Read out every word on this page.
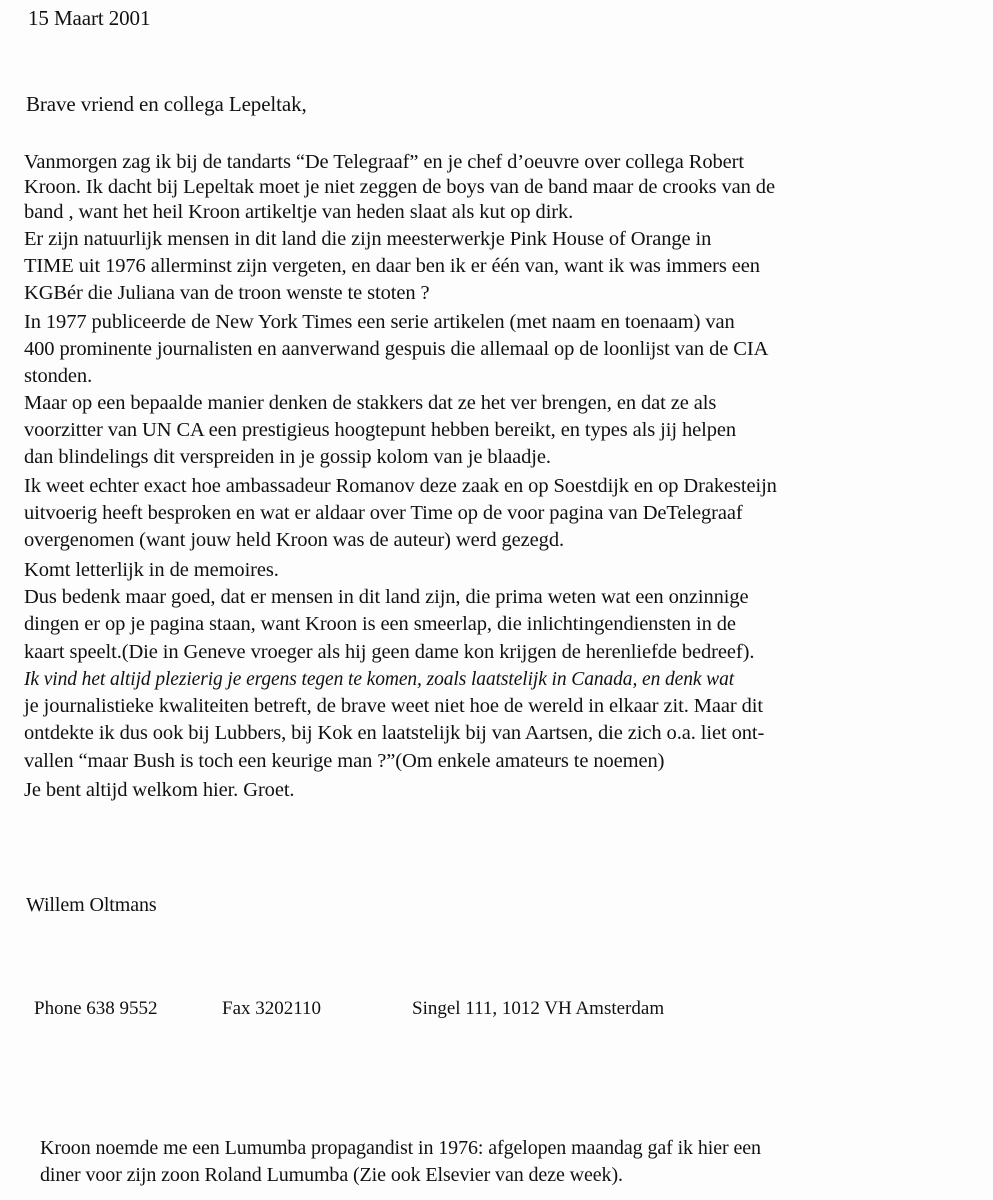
15 Maart 2001
Brave vriend en collega Lepeltak,
Vanmorgen zag ik bij de tandarts “De Telegraaf” en je chef d’oeuvre over collega Robert
Kroon. Ik dacht bij Lepeltak moet je niet zeggen de boys van de band maar de crooks van de
band , want het heil Kroon artikeltje van heden slaat als kut op dirk.
Er zijn natuurlijk mensen in dit land die zijn meesterwerkje Pink House of Orange in
TIME uit 1976 allerminst zijn vergeten, en daar ben ik er één van, want ik was immers een
KGBér die Juliana van de troon wenste te stoten ?
In 1977 publiceerde de New York Times een serie artikelen (met naam en toenaam) van
400 prominente journalisten en aanverwand gespuis die allemaal op de loonlijst van de CIA
stonden.
Maar op een bepaalde manier denken de stakkers dat ze het ver brengen, en dat ze als
voorzitter van UN CA een prestigieus hoogtepunt hebben bereikt, en types als jij helpen
dan blindelings dit verspreiden in je gossip kolom van je blaadje.
Ik weet echter exact hoe ambassadeur Romanov deze zaak en op Soestdijk en op Drakesteijn
uitvoerig heeft besproken en wat er aldaar over Time op de voor pagina van DeTelegraaf
overgenomen (want jouw held Kroon was de auteur) werd gezegd.
Komt letterlijk in de memoires.
Dus bedenk maar goed, dat er mensen in dit land zijn, die prima weten wat een onzinnige
dingen er op je pagina staan, want Kroon is een smeerlap, die inlichtingendiensten in de
kaart speelt.(Die in Geneve vroeger als hij geen dame kon krijgen de herenliefde bedreef).
Ik vind het altijd plezierig je ergens tegen te komen, zoals laatstelijk in Canada, en denk wat
je journalistieke kwaliteiten betreft, de brave weet niet hoe de wereld in elkaar zit. Maar dit
ontdekte ik dus ook bij Lubbers, bij Kok en laatstelijk bij van Aartsen, die zich o.a. liet ont-
vallen “maar Bush is toch een keurige man ?”(Om enkele amateurs te noemen)
Je bent altijd welkom hier. Groet.
Willem Oltmans
Phone 638 9552	Fax 3202110	Singel 111, 1012 VH Amsterdam
Kroon noemde me een Lumumba propagandist in 1976: afgelopen maandag gaf ik hier een
diner voor zijn zoon Roland Lumumba (Zie ook Elsevier van deze week).
